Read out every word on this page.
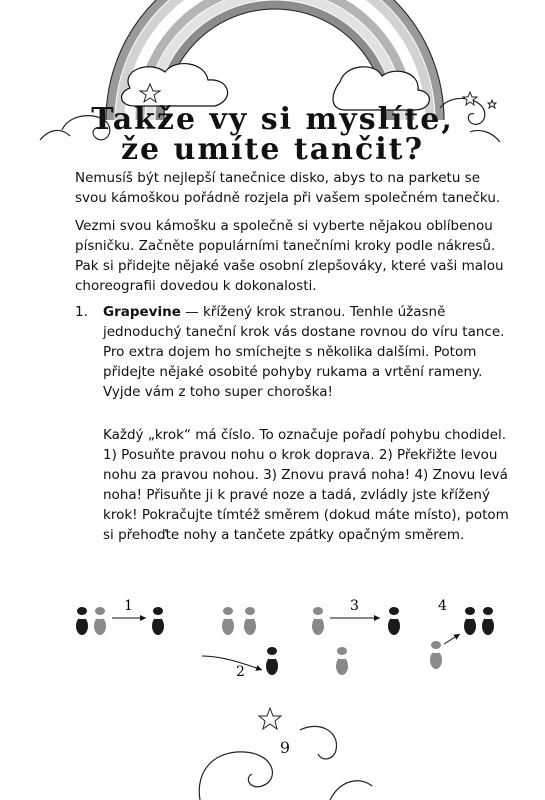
Takže vy si myslíte,
že umíte tančit?

Nemusíš být nejlepší tanečnice disko, abys to na parketu se svou kámoškou pořádně rozjela při vašem společném tanečku.

Vezmi svou kámošku a společně si vyberte nějakou oblíbenou písničku. Začněte populárními tanečními kroky podle nákresů. Pak si přidejte nějaké vaše osobní zlepšováky, které vaši malou choreografii dovedou k dokonalosti.

1. Grapevine — křížený krok stranou. Tenhle úžasně jednoduchý taneční krok vás dostane rovnou do víru tance. Pro extra dojem ho smíchejte s několika dalšími. Potom přidejte nějaké osobité pohyby rukama a vrtění rameny. Vyjde vám z toho super choroška!

Každý „krok“ má číslo. To označuje pořadí pohybu chodidel. 1) Posuňte pravou nohu o krok doprava. 2) Překřižte levou nohu za pravou nohou. 3) Znovu pravá noha! 4) Znovu levá noha! Přisuňte ji k pravé noze a tadá, zvládly jste křížený krok! Pokračujte tímtéž směrem (dokud máte místo), potom si přehoďte nohy a tančete zpátky opačným směrem.

1
2
3	4
9
